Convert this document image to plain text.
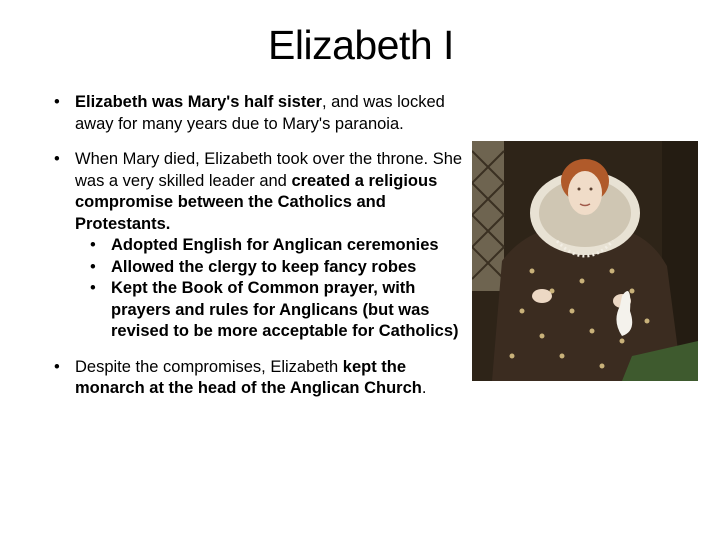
Elizabeth I
• Elizabeth was Mary's half sister, and was locked away for many years due to Mary's paranoia.
• When Mary died, Elizabeth took over the throne. She was a very skilled leader and created a religious compromise between the Catholics and Protestants.
• Adopted English for Anglican ceremonies
• Allowed the clergy to keep fancy robes
• Kept the Book of Common prayer, with prayers and rules for Anglicans (but was revised to be more acceptable for Catholics)
• Despite the compromises, Elizabeth kept the monarch at the head of the Anglican Church.
